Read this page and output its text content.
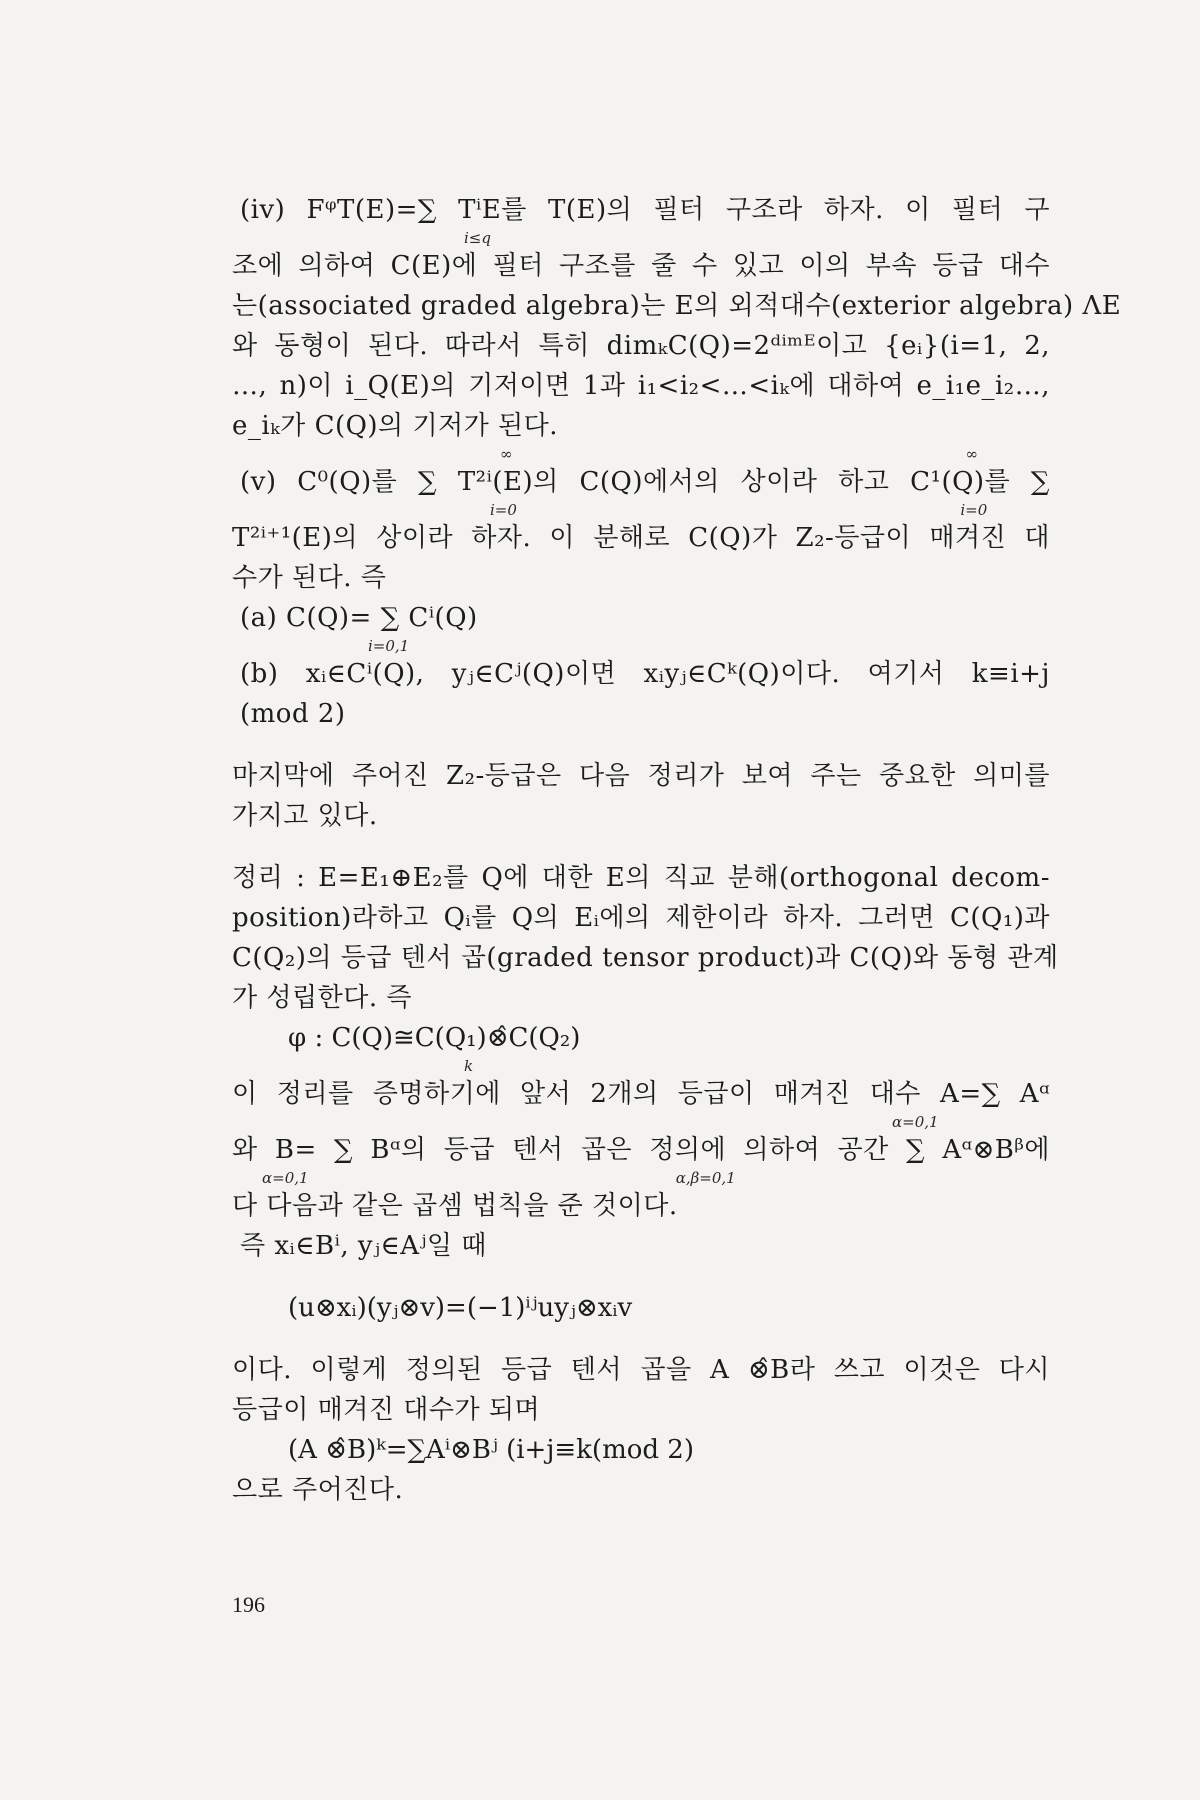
(iv) FᵠT(E)=∑ TⁱE를 T(E)의 필터 구조라 하자. 이 필터 구
i≤q
조에 의하여 C(E)에 필터 구조를 줄 수 있고 이의 부속 등급 대수
는(associated graded algebra)는 E의 외적대수(exterior algebra) ΛE
와 동형이 된다. 따라서 특히 dimₖC(Q)=2ᵈⁱᵐᴱ이고 {eᵢ}(i=1, 2,
…, n)이 i_Q(E)의 기저이면 1과 i₁<i₂<…<iₖ에 대하여 e_i₁e_i₂…,
e_iₖ가 C(Q)의 기저가 된다.
∞                                                                                               ∞
(v) C⁰(Q)를 ∑ T²ⁱ(E)의 C(Q)에서의 상이라 하고 C¹(Q)를 ∑
i=0                                                                                             i=0
T²ⁱ⁺¹(E)의 상이라 하자. 이 분해로 C(Q)가 Z₂-등급이 매겨진 대
수가 된다. 즉
(a) C(Q)= ∑ Cⁱ(Q)
i=0,1
(b) xᵢ∈Cⁱ(Q), yⱼ∈Cʲ(Q)이면 xᵢyⱼ∈Cᵏ(Q)이다. 여기서 k≡i+j
(mod 2)
마지막에 주어진 Z₂-등급은 다음 정리가 보여 주는 중요한 의미를
가지고 있다.
정리 : E=E₁⊕E₂를 Q에 대한 E의 직교 분해(orthogonal decom-
position)라하고 Qᵢ를 Q의 Eᵢ에의 제한이라 하자. 그러면 C(Q₁)과
C(Q₂)의 등급 텐서 곱(graded tensor product)과 C(Q)와 동형 관계
가 성립한다. 즉
φ : C(Q)≅C(Q₁)⊗̂C(Q₂)
k
이 정리를 증명하기에 앞서 2개의 등급이 매겨진 대수 A=∑ Aᵅ
α=0,1
와 B= ∑ Bᵅ의 등급 텐서 곱은 정의에 의하여 공간 ∑ Aᵅ⊗Bᵝ에
α=0,1                                                                             α,β=0,1
다 다음과 같은 곱셈 법칙을 준 것이다.
즉 xᵢ∈Bⁱ, yⱼ∈Aʲ일 때
(u⊗xᵢ)(yⱼ⊗v)=(−1)ⁱʲuyⱼ⊗xᵢv
이다. 이렇게 정의된 등급 텐서 곱을 A ⊗̂B라 쓰고 이것은 다시
등급이 매겨진 대수가 되며
(A ⊗̂B)ᵏ=∑Aⁱ⊗Bʲ (i+j≡k(mod 2)
으로 주어진다.
196
